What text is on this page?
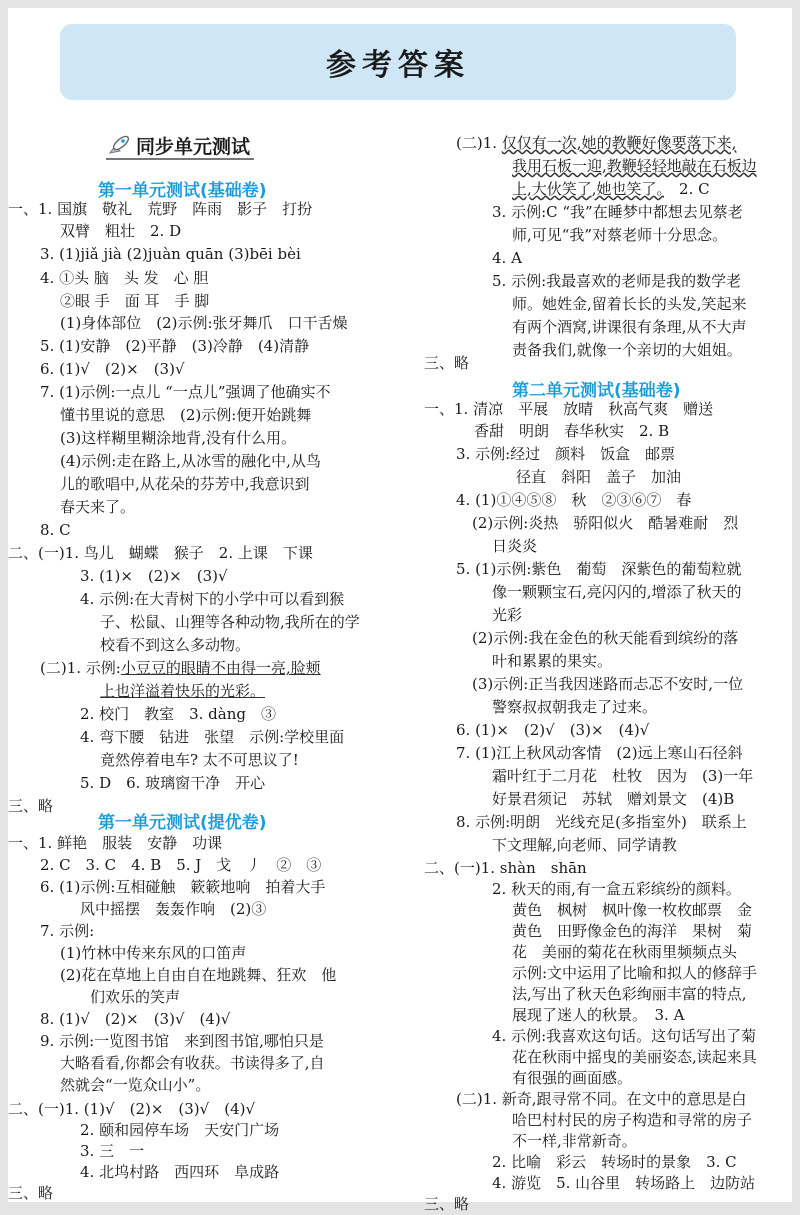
参考答案
同步单元测试
第一单元测试(基础卷)
一、1. 国旗　敬礼　荒野　阵雨　影子　打扮
双臂　粗壮　2. D
3. (1)jiǎ jià (2)juàn quān (3)bēi bèi
4. ①头 脑　头 发　心 胆
②眼 手　面 耳　手 脚
(1)身体部位　(2)示例:张牙舞爪　口干舌燥
5. (1)安静　(2)平静　(3)冷静　(4)清静
6. (1)√　(2)×　(3)√
7. (1)示例:一点儿 “一点儿”强调了他确实不
懂书里说的意思　(2)示例:便开始跳舞
(3)这样糊里糊涂地背,没有什么用。
(4)示例:走在路上,从冰雪的融化中,从鸟
儿的歌唱中,从花朵的芬芳中,我意识到
春天来了。
8. C
二、(一)1. 鸟儿　蝴蝶　猴子　2. 上课　下课
3. (1)×　(2)×　(3)√
4. 示例:在大青树下的小学中可以看到猴
子、松鼠、山狸等各种动物,我所在的学
校看不到这么多动物。
(二)1. 示例:小豆豆的眼睛不由得一亮,脸颊
上也洋溢着快乐的光彩。
2. 校门　教室　3. dàng　③
4. 弯下腰　钻进　张望　示例:学校里面
竟然停着电车? 太不可思议了!
5. D　6. 玻璃窗干净　开心
三、略
第一单元测试(提优卷)
一、1. 鲜艳　服装　安静　功课
2. C　3. C　4. B　5. J　戈　丿　②　③
6. (1)示例:互相碰触　簌簌地响　拍着大手
风中摇摆　轰轰作响　(2)③
7. 示例:
(1)竹林中传来东风的口笛声
(2)花在草地上自由自在地跳舞、狂欢　他
们欢乐的笑声
8. (1)√　(2)×　(3)√　(4)√
9. 示例:一览图书馆　来到图书馆,哪怕只是
大略看看,你都会有收获。书读得多了,自
然就会“一览众山小”。
二、(一)1. (1)√　(2)×　(3)√　(4)√
2. 颐和园停车场　天安门广场
3. 三　一
4. 北坞村路　西四环　阜成路
三、略
(二)1. 仅仅有一次,她的教鞭好像要落下来,
我用石板一迎,教鞭轻轻地敲在石板边
上,大伙笑了,她也笑了。　2. C
3. 示例:C “我”在睡梦中都想去见蔡老
师,可见“我”对蔡老师十分思念。
4. A
5. 示例:我最喜欢的老师是我的数学老
师。她姓金,留着长长的头发,笑起来
有两个酒窝,讲课很有条理,从不大声
责备我们,就像一个亲切的大姐姐。
三、略
第二单元测试(基础卷)
一、1. 清凉　平展　放晴　秋高气爽　赠送
香甜　明朗　春华秋实　2. B
3. 示例:经过　颜料　饭盒　邮票
径直　斜阳　盖子　加油
4. (1)①④⑤⑧　秋　②③⑥⑦　春
(2)示例:炎热　骄阳似火　酷暑难耐　烈
日炎炎
5. (1)示例:紫色　葡萄　深紫色的葡萄粒就
像一颗颗宝石,亮闪闪的,增添了秋天的
光彩
(2)示例:我在金色的秋天能看到缤纷的落
叶和累累的果实。
(3)示例:正当我因迷路而忐忑不安时,一位
警察叔叔朝我走了过来。
6. (1)×　(2)√　(3)×　(4)√
7. (1)江上秋风动客情　(2)远上寒山石径斜
霜叶红于二月花　杜牧　因为　(3)一年
好景君须记　苏轼　赠刘景文　(4)B
8. 示例:明朗　光线充足(多指室外)　联系上
下文理解,向老师、同学请教
二、(一)1. shàn　shān
2. 秋天的雨,有一盒五彩缤纷的颜料。
黄色　枫树　枫叶像一枚枚邮票　金
黄色　田野像金色的海洋　果树　菊
花　美丽的菊花在秋雨里频频点头
示例:文中运用了比喻和拟人的修辞手
法,写出了秋天色彩绚丽丰富的特点,
展现了迷人的秋景。　3. A
4. 示例:我喜欢这句话。这句话写出了菊
花在秋雨中摇曳的美丽姿态,读起来具
有很强的画面感。
(二)1. 新奇,跟寻常不同。在文中的意思是白
哈巴村村民的房子构造和寻常的房子
不一样,非常新奇。
2. 比喻　彩云　转场时的景象　3. C
4. 游览　5. 山谷里　转场路上　边防站
三、略
